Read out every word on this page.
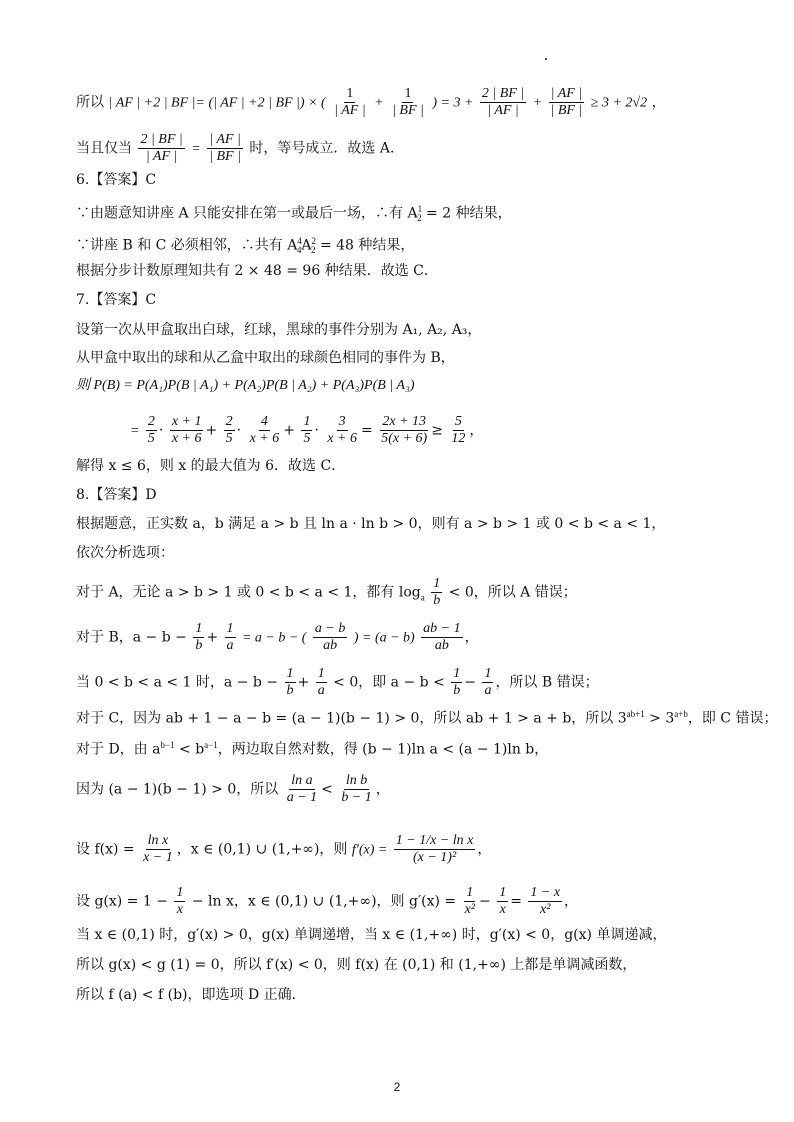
所以 | AF | +2 | BF |= (| AF | +2 | BF |) × ( $\frac{1}{| AF |} + \frac{1}{| BF |}$ ) = $3 + \frac{2 | BF |}{| AF |} + \frac{| AF |}{| BF |} \ge 3 + 2√2$ ，
当且仅当 $\frac{2 | BF |}{| AF |} = \frac{| AF |}{| BF |}$ 时，等号成立．故选 A．
6.【答案】C
∵由题意知讲座 A 只能安排在第一或最后一场，∴有 $A^1_2 = 2$ 种结果，
∵讲座 B 和 C 必须相邻，∴共有 $A^4_4A^2_2 = 48$ 种结果，
根据分步计数原理知共有 2 × 48 = 96 种结果．故选 C．
7.【答案】C
设第一次从甲盒取出白球，红球，黑球的事件分别为 A₁, A₂, A₃，
从甲盒中取出的球和从乙盒中取出的球颜色相同的事件为 B，
则 P(B) = P(A₁)P(B | A₁) + P(A₂)P(B | A₂) + P(A₃)P(B | A₃)
= $\frac{2}{5} \cdot \frac{x + 1}{x + 6} + \frac{2}{5} \cdot \frac{4}{x + 6} + \frac{1}{5} \cdot \frac{3}{x + 6} = \frac{2x + 13}{5(x + 6)} \ge \frac{5}{12}$ ，
解得 x ≤ 6，则 x 的最大值为 6．故选 C．
8.【答案】D
根据题意，正实数 a，b 满足 a > b 且 ln a · ln b > 0，则有 a > b > 1 或 0 < b < a < 1，
依次分析选项：
对于 A，无论 a > b > 1 或 0 < b < a < 1，都有 $\log_a \frac{1}{b} < 0$，所以 A 错误；
对于 B，$a - b - \frac{1}{b} + \frac{1}{a} = a - b$ − ( $\frac{a - b}{ab}$ ) = $(a - b) \frac{ab - 1}{ab}$ ，
当 0 < b < a < 1 时，$a - b - \frac{1}{b} + \frac{1}{a} < 0$，即 $a - b < \frac{1}{b} - \frac{1}{a}$ ，所以 B 错误；
对于 C，因为 ab + 1 − a − b = (a − 1)(b − 1) > 0，所以 ab + 1 > a + b，所以 $3^{ab+1} > 3^{a+b}$，即 C 错误；
对于 D，由 $a^{b-1} < b^{a-1}$，两边取自然对数，得 (b − 1)ln a < (a − 1)ln b，
因为 (a − 1)(b − 1) > 0，所以 $\frac{\text{ln a}}{a - 1} < \frac{\text{ln b}}{b - 1}$ ，
设 $f(x) = \frac{\text{ln x}}{x - 1}$ ，x ∈ (0,1) ∪ (1,+∞)，则 $f'(x) = \frac{\text{1 − 1/x − ln x}}{\text{(x − 1)²}}$ ，
设 $g(x) = 1 - \frac{1}{x} - \ln x$，x ∈ (0,1) ∪ (1,+∞)，则 $g'(x) = \frac{1}{\text{x²}} - \frac{1}{x} = \frac{1 - x}{\text{x²}}$ ，
当 x ∈ (0,1) 时，g′(x) > 0，g(x) 单调递增，当 x ∈ (1,+∞) 时，g′(x) < 0，g(x) 单调递减，
所以 g(x) < g (1) = 0，所以 f′(x) < 0，则 f(x) 在 (0,1) 和 (1,+∞) 上都是单调减函数，
所以 f (a) < f (b)，即选项 D 正确．
2
